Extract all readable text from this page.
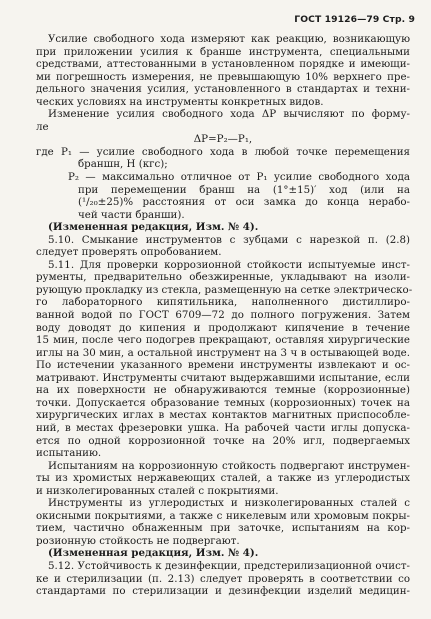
ГОСТ 19126—79 Стр. 9
Усилие свободного хода измеряют как реакцию, возникающую
при приложении усилия к браншe инструмента, специальными
средствами, аттестованными в установленном порядке и имеющи-
ми погрешность измерения, не превышающую 10% верхнего пре-
дельного значения усилия, установленного в стандартах и техни-
ческих условиях на инструменты конкретных видов.
Изменение усилия свободного хода ΔP вычисляют по форму-
ле
ΔP=P₂—P₁,
где P₁ — усилие свободного хода в любой точке перемещения
браншн, Н (кгс);
P₂ — максимально отличное от P₁ усилие свободного хода
при перемещении бранш на (1°±15)′ ход (или на
(¹/₂₀±25)% расстояния от оси замка до конца нерабо-
чей части бранши).
(Измененная редакция, Изм. № 4).
5.10. Смыкание инструментов с зубцами с нарезкой п. (2.8)
следует проверять опробованием.
5.11. Для проверки коррозионной стойкости испытуемые инст-
рументы, предварительно обезжиренные, укладывают на изоли-
рующую прокладку из стекла, размещенную на сетке электрическо-
го лабораторного кипятильника, наполненного дистиллирo-
ванной водой по ГОСТ 6709—72 до полного погружения. Затем
воду доводят до кипения и продолжают кипячение в течение
15 мин, после чего подогрев прекращают, оставляя хирургические
иглы на 30 мин, а остальной инструмент на 3 ч в остывающей воде.
По истечении указанного времени инструменты извлекают и ос-
матривают. Инструменты считают выдержавшими испытание, если
на их поверхности не обнаруживаются темные (коррозионные)
точки. Допускается образование темных (коррозионных) точек на
хирургических иглах в местах контактов магнитных приспособле-
ний, в местах фрезеровки ушка. На рабочей части иглы допуска-
ется по одной коррозионной точке на 20% игл, подвергаемых
испытанию.
Испытаниям на коррозионную стойкость подвергают инструмен-
ты из хромистых нержавеющих сталей, а также из углеродистых
и низколегированных сталей с покрытиями.
Инструменты из углеродистых и низколегированных сталей с
окисными покрытиями, а также с никелевым или хромовым покры-
тием, частично обнаженным при заточке, испытаниям на кор-
розионную стойкость не подвергают.
(Измененная редакция, Изм. № 4).
5.12. Устойчивость к дезинфекции, предстерилизационной очист-
ке и стерилизации (п. 2.13) следует проверять в соответствии со
стандартами по стерилизации и дезинфекции изделий медицин-
